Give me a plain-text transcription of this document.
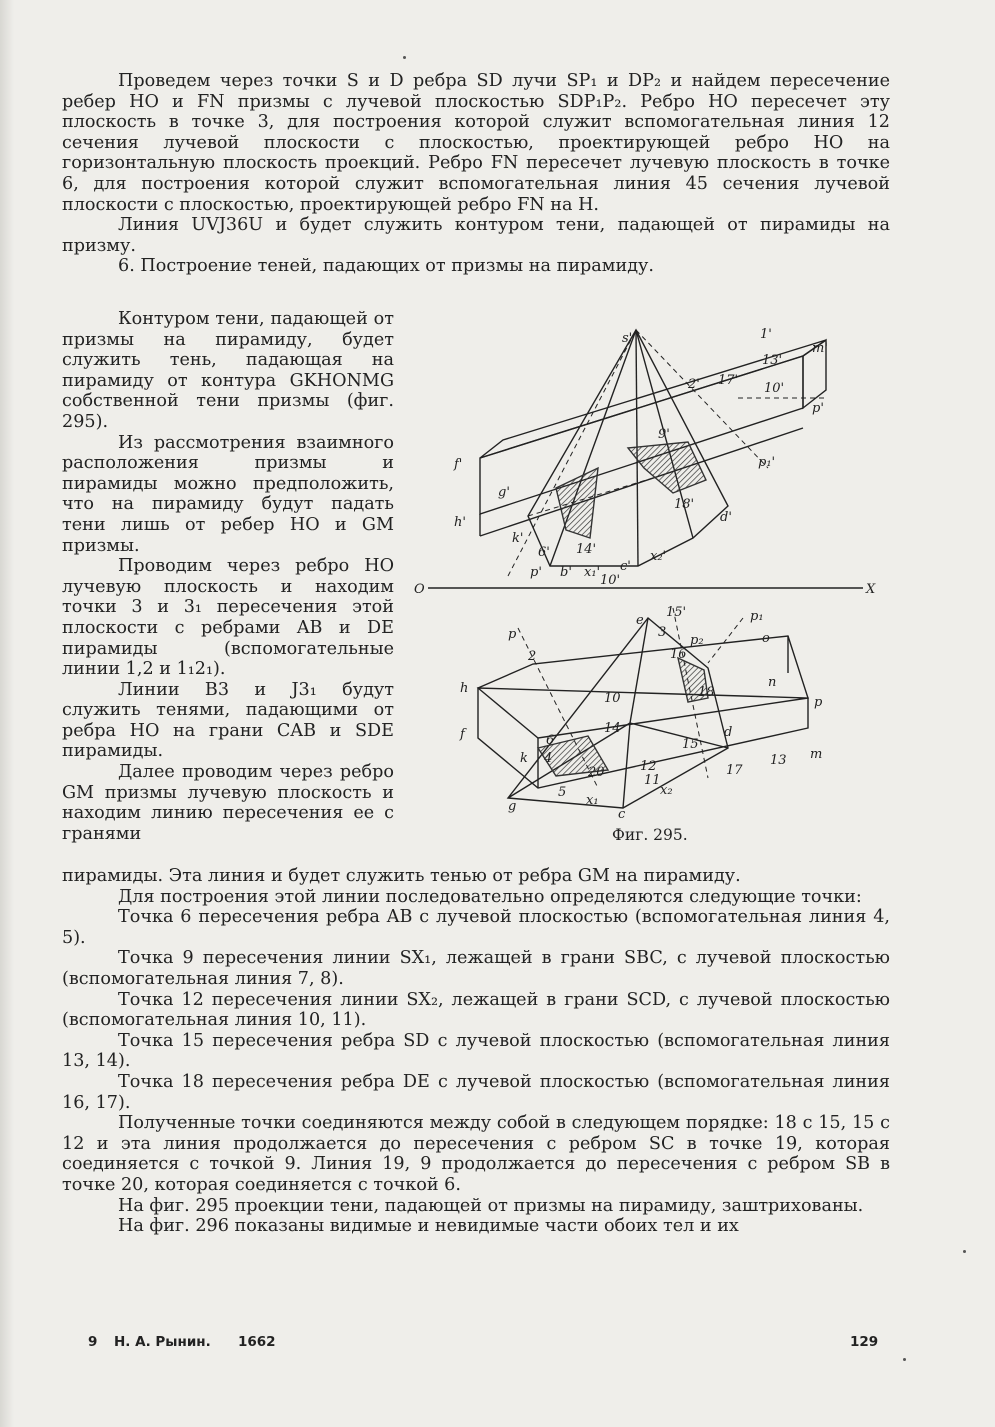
Проведем через точки S и D ребра SD лучи SP₁ и DP₂ и найдем пересечение ребер HO и FN призмы с лучевой плоскостью SDP₁P₂. Ребро HO пересечет эту плоскость в точке 3, для построения которой служит вспомогательная линия 12 сечения лучевой плоскости с плоскостью, проектирующей ребро HO на горизонтальную плоскость проекций. Ребро FN пересечет лучевую плоскость в точке 6, для построения которой служит вспомогательная линия 45 сечения лучевой плоскости с плоскостью, проектирующей ребро FN на H.

Линия UVJ36U и будет служить контуром тени, падающей от пирамиды на призму.

6. Построение теней, падающих от призмы на пирамиду.

Контуром тени, падающей от призмы на пирамиду, будет служить тень, падающая на пирамиду от контура GKHONMG собственной тени призмы (фиг. 295).

Из рассмотрения взаимного расположения призмы и пирамиды можно предположить, что на пирамиду будут падать тени лишь от ребер HO и GM призмы.

Проводим через ребро HO лучевую плоскость и находим точки 3 и 3₁ пересечения этой плоскости с ребрами AB и DE пирамиды (вспомогательные линии 1,2 и 1₁2₁).

Линии B3 и J3₁ будут служить тенями, падающими от ребра HO на грани CAB и SDE пирамиды.

Далее проводим через ребро GM призмы лучевую плоскость и находим линию пересечения ее с гранями

O	X
s'	1'
m'
13'
2' 17'
10'
p'
f'
9'
p₁'
g'
18'
d'
h'
k'
6' 14'	x₂'
p' b' x₁' c'
10'
e
15'	p₁
o
p	3
p₂
h
2	16
18
n
10	p
f	14	d
15
m
6
k 4
20	17
13
12
11
x₂
g
5
x₁
c
Фиг. 295.

пирамиды. Эта линия и будет служить тенью от ребра GM на пирамиду.

Для построения этой линии последовательно определяются следующие точки:

Точка 6 пересечения ребра AB с лучевой плоскостью (вспомогательная линия 4, 5).

Точка 9 пересечения линии SX₁, лежащей в грани SBC, с лучевой плоскостью (вспомогательная линия 7, 8).

Точка 12 пересечения линии SX₂, лежащей в грани SCD, с лучевой плоскостью (вспомогательная линия 10, 11).

Точка 15 пересечения ребра SD с лучевой плоскостью (вспомогательная линия 13, 14).

Точка 18 пересечения ребра DE с лучевой плоскостью (вспомогательная линия 16, 17).

Полученные точки соединяются между собой в следующем порядке: 18 с 15, 15 с 12 и эта линия продолжается до пересечения с ребром SC в точке 19, которая соединяется с точкой 9. Линия 19, 9 продолжается до пересечения с ребром SB в точке 20, которая соединяется с точкой 6.

На фиг. 295 проекции тени, падающей от призмы на пирамиду, заштрихованы.

На фиг. 296 показаны видимые и невидимые части обоих тел и их

9 Н. А. Рынин. 1662	129
